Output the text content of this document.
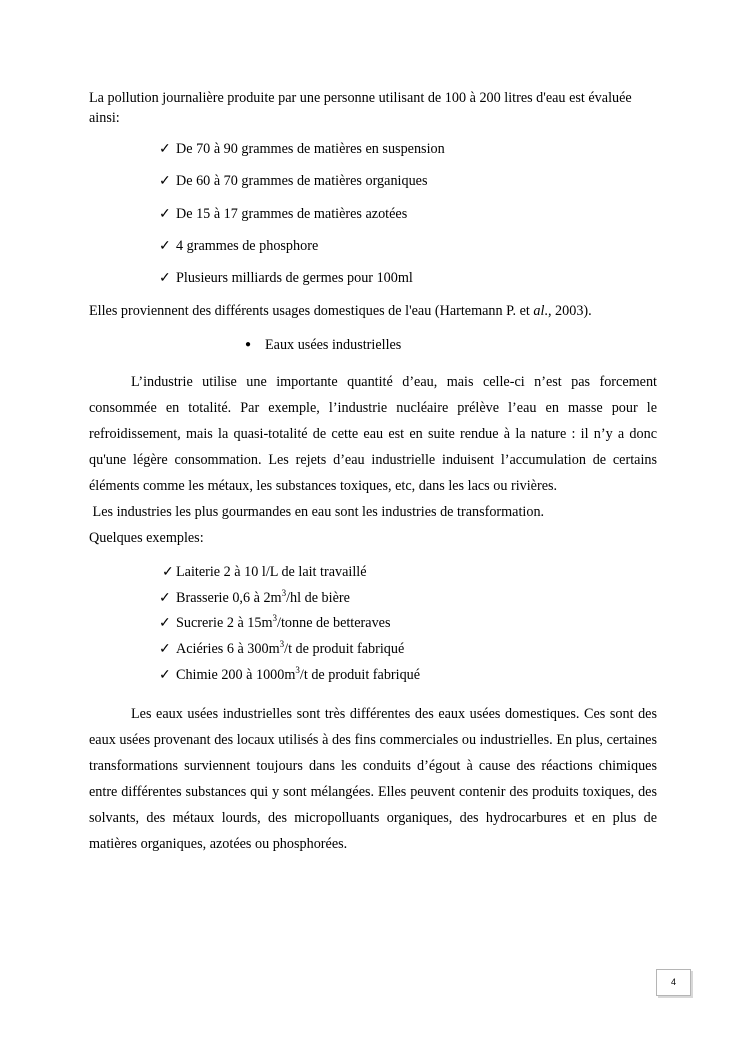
La pollution journalière produite par une personne utilisant de 100 à 200 litres d'eau est évaluée ainsi:

✓ De 70 à 90 grammes de matières en suspension
✓ De 60 à 70 grammes de matières organiques
✓ De 15 à 17 grammes de matières azotées
✓ 4 grammes de phosphore
✓ Plusieurs milliards de germes pour 100ml

Elles proviennent des différents usages domestiques de l'eau (Hartemann P. et al., 2003).

● Eaux usées industrielles

L’industrie utilise une importante quantité d’eau, mais celle-ci n’est pas forcement consommée en totalité. Par exemple, l’industrie nucléaire prélève l’eau en masse pour le refroidissement, mais la quasi-totalité de cette eau est en suite rendue à la nature : il n’y a donc qu'une légère consommation. Les rejets d’eau industrielle induisent l’accumulation de certains éléments comme les métaux, les substances toxiques, etc, dans les lacs ou rivières.

Les industries les plus gourmandes en eau sont les industries de transformation.

Quelques exemples:

✓ Laiterie 2 à 10 l/L de lait travaillé
✓ Brasserie 0,6 à $2m^3/hl$ de bière
✓ Sucrerie 2 à $15m^3$/tonne de betteraves
✓ Aciéries 6 à $300m^3/t$ de produit fabriqué
✓ Chimie 200 à $1000m^3/t$ de produit fabriqué

Les eaux usées industrielles sont très différentes des eaux usées domestiques. Ces sont des eaux usées provenant des locaux utilisés à des fins commerciales ou industrielles. En plus, certaines transformations surviennent toujours dans les conduits d’égout à cause des réactions chimiques entre différentes substances qui y sont mélangées. Elles peuvent contenir des produits toxiques, des solvants, des métaux lourds, des micropolluants organiques, des hydrocarbures et en plus de matières organiques, azotées ou phosphorées.

4
